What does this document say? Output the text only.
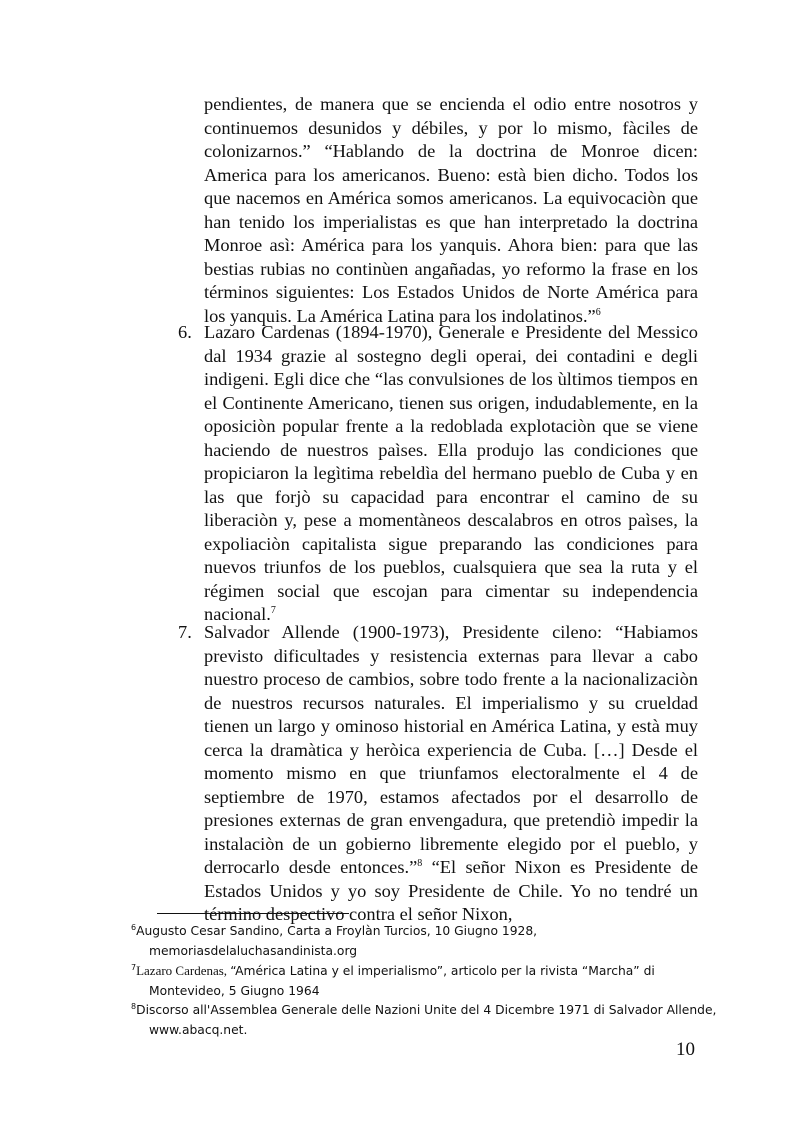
pendientes, de manera que se encienda el odio entre nosotros y continuemos desunidos y débiles, y por lo mismo, fàciles de colonizarnos.” “Hablando de la doctrina de Monroe dicen: America para los americanos. Bueno: està bien dicho. Todos los que nacemos en América somos americanos. La equivocaciòn que han tenido los imperialistas es que han interpretado la doctrina Monroe asì: América para los yanquis. Ahora bien: para que las bestias rubias no continùen angañadas, yo reformo la frase en los términos siguientes: Los Estados Unidos de Norte América para los yanquis. La América Latina para los indolatinos.”$^6$

6. Lazaro Cardenas (1894-1970), Generale e Presidente del Messico dal 1934 grazie al sostegno degli operai, dei contadini e degli indigeni. Egli dice che “las convulsiones de los ùltimos tiempos en el Continente Americano, tienen sus origen, indudablemente, en la oposiciòn popular frente a la redoblada explotaciòn que se viene haciendo de nuestros paìses. Ella produjo las condiciones que propiciaron la legìtima rebeldìa del hermano pueblo de Cuba y en las que forjò su capacidad para encontrar el camino de su liberaciòn y, pese a momentàneos descalabros en otros paìses, la expoliaciòn capitalista sigue preparando las condiciones para nuevos triunfos de los pueblos, cualsquiera que sea la ruta y el régimen social que escojan para cimentar su independencia nacional.$^7$

7. Salvador Allende (1900-1973), Presidente cileno: “Habiamos previsto dificultades y resistencia externas para llevar a cabo nuestro proceso de cambios, sobre todo frente a la nacionalizaciòn de nuestros recursos naturales. El imperialismo y su crueldad tienen un largo y ominoso historial en América Latina, y està muy cerca la dramàtica y heròica experiencia de Cuba. […] Desde el momento mismo en que triunfamos electoralmente el 4 de septiembre de 1970, estamos afectados por el desarrollo de presiones externas de gran envengadura, que pretendiò impedir la instalaciòn de un gobierno libremente elegido por el pueblo, y derrocarlo desde entonces.”$^8$ “El señor Nixon es Presidente de Estados Unidos y yo soy Presidente de Chile. Yo no tendré un término despectivo contra el señor Nixon,

$^6$Augusto Cesar Sandino, Carta a Froylàn Turcios, 10 Giugno 1928, memoriasdelaluchasandinista.org

$^7$Lazaro Cardenas, “América Latina y el imperialismo”, articolo per la rivista “Marcha” di Montevideo, 5 Giugno 1964

$^8$Discorso all'Assemblea Generale delle Nazioni Unite del 4 Dicembre 1971 di Salvador Allende, www.abacq.net.

10
